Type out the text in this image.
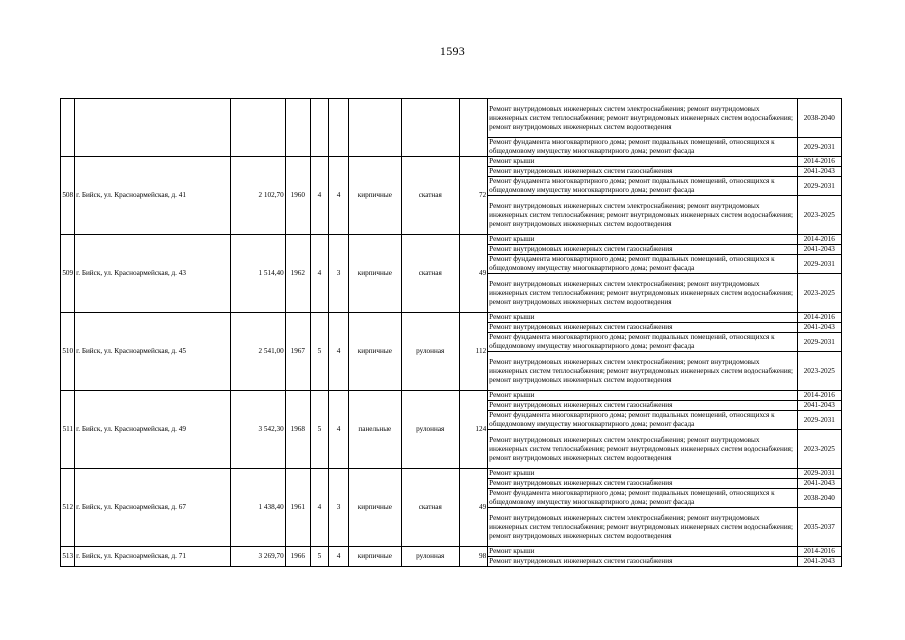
1593
									Ремонт внутридомовых инженерных систем электроснабжения; ремонт внутридомовых инженерных систем теплоснабжения; ремонт внутридомовых инженерных систем водоснабжения; ремонт внутридомовых инженерных систем водоотведения	2038-2040
									Ремонт фундамента многоквартирного дома; ремонт подвальных помещений, относящихся к общедомовому имуществу многоквартирного дома; ремонт фасада	2029-2031
508	г. Бийск, ул. Красноармейская, д. 41	2 102,70	1960	4	4	кирпичные	скатная	72	Ремонт крыши	2014-2016
									Ремонт внутридомовых инженерных систем газоснабжения	2041-2043
									Ремонт фундамента многоквартирного дома; ремонт подвальных помещений, относящихся к общедомовому имуществу многоквартирного дома; ремонт фасада	2029-2031
									Ремонт внутридомовых инженерных систем электроснабжения; ремонт внутридомовых инженерных систем теплоснабжения; ремонт внутридомовых инженерных систем водоснабжения; ремонт внутридомовых инженерных систем водоотведения	2023-2025
509	г. Бийск, ул. Красноармейская, д. 43	1 514,40	1962	4	3	кирпичные	скатная	49	Ремонт крыши	2014-2016
									Ремонт внутридомовых инженерных систем газоснабжения	2041-2043
									Ремонт фундамента многоквартирного дома; ремонт подвальных помещений, относящихся к общедомовому имуществу многоквартирного дома; ремонт фасада	2029-2031
									Ремонт внутридомовых инженерных систем электроснабжения; ремонт внутридомовых инженерных систем теплоснабжения; ремонт внутридомовых инженерных систем водоснабжения; ремонт внутридомовых инженерных систем водоотведения	2023-2025
510	г. Бийск, ул. Красноармейская, д. 45	2 541,00	1967	5	4	кирпичные	рулонная	112	Ремонт крыши	2014-2016
									Ремонт внутридомовых инженерных систем газоснабжения	2041-2043
									Ремонт фундамента многоквартирного дома; ремонт подвальных помещений, относящихся к общедомовому имуществу многоквартирного дома; ремонт фасада	2029-2031
									Ремонт внутридомовых инженерных систем электроснабжения; ремонт внутридомовых инженерных систем теплоснабжения; ремонт внутридомовых инженерных систем водоснабжения; ремонт внутридомовых инженерных систем водоотведения	2023-2025
511	г. Бийск, ул. Красноармейская, д. 49	3 542,30	1968	5	4	панельные	рулонная	124	Ремонт крыши	2014-2016
									Ремонт внутридомовых инженерных систем газоснабжения	2041-2043
									Ремонт фундамента многоквартирного дома; ремонт подвальных помещений, относящихся к общедомовому имуществу многоквартирного дома; ремонт фасада	2029-2031
									Ремонт внутридомовых инженерных систем электроснабжения; ремонт внутридомовых инженерных систем теплоснабжения; ремонт внутридомовых инженерных систем водоснабжения; ремонт внутридомовых инженерных систем водоотведения	2023-2025
512	г. Бийск, ул. Красноармейская, д. 67	1 438,40	1961	4	3	кирпичные	скатная	49	Ремонт крыши	2029-2031
									Ремонт внутридомовых инженерных систем газоснабжения	2041-2043
									Ремонт фундамента многоквартирного дома; ремонт подвальных помещений, относящихся к общедомовому имуществу многоквартирного дома; ремонт фасада	2038-2040
									Ремонт внутридомовых инженерных систем электроснабжения; ремонт внутридомовых инженерных систем теплоснабжения; ремонт внутридомовых инженерных систем водоснабжения; ремонт внутридомовых инженерных систем водоотведения	2035-2037
513	г. Бийск, ул. Красноармейская, д. 71	3 269,70	1966	5	4	кирпичные	рулонная	98	Ремонт крыши	2014-2016
									Ремонт внутридомовых инженерных систем газоснабжения	2041-2043
